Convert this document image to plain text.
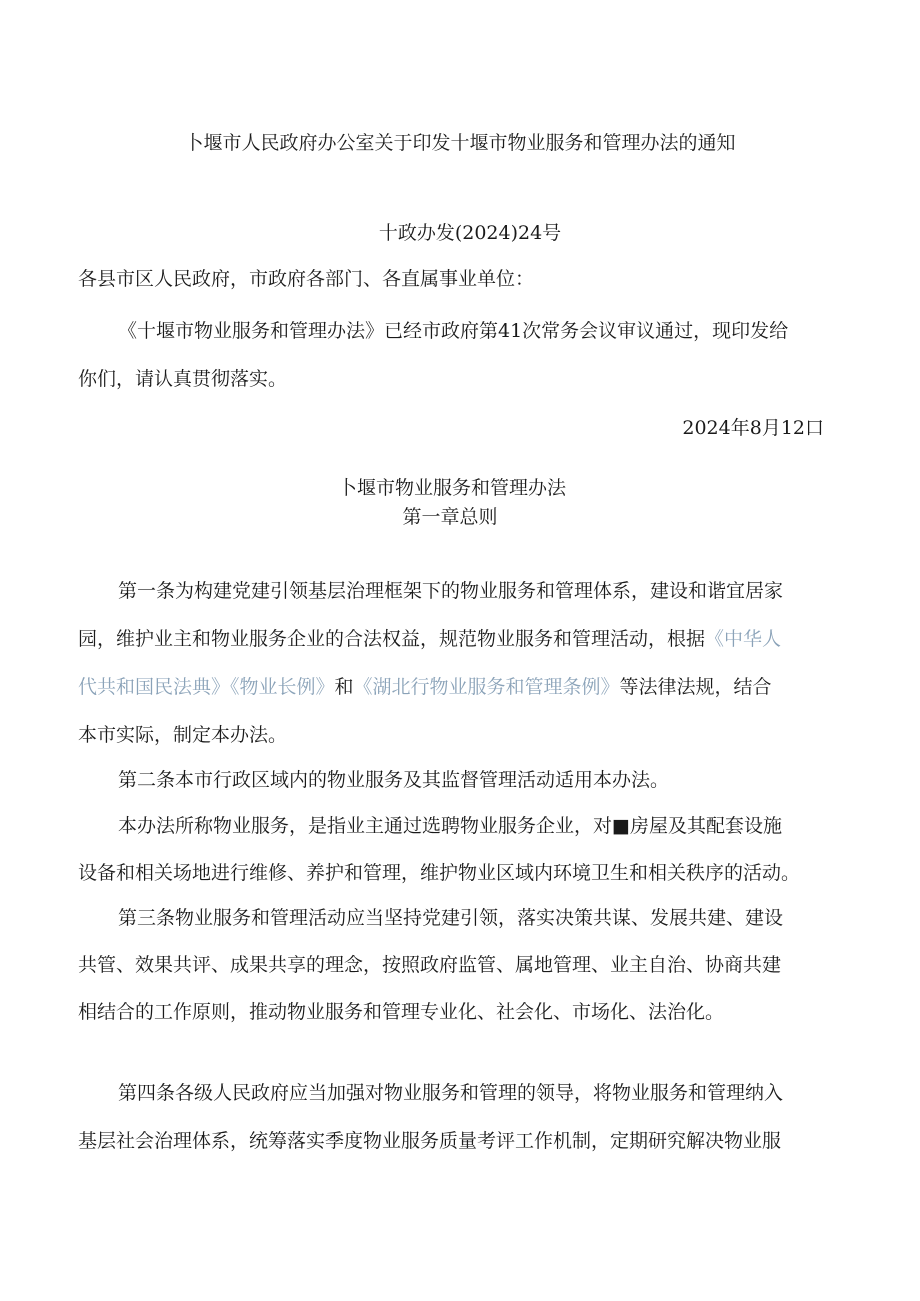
卜堰市人民政府办公室关于印发十堰市物业服务和管理办法的通知
十政办发(2024)24号
各县市区人民政府，市政府各部门、各直属事业单位：
《十堰市物业服务和管理办法》已经市政府第41次常务会议审议通过，现印发给
你们，请认真贯彻落实。
2024年8月12口
卜堰市物业服务和管理办法
第一章总则
第一条为构建党建引领基层治理框架下的物业服务和管理体系，建设和谐宜居家
园，维护业主和物业服务企业的合法权益，规范物业服务和管理活动，根据《中华人
代共和国民法典》《物业长例》和《湖北行物业服务和管理条例》等法律法规，结合
本市实际，制定本办法。
第二条本市行政区域内的物业服务及其监督管理活动适用本办法。
本办法所称物业服务，是指业主通过选聘物业服务企业，对■房屋及其配套设施
设备和相关场地进行维修、养护和管理，维护物业区域内环境卫生和相关秩序的活动。
第三条物业服务和管理活动应当坚持党建引领，落实决策共谋、发展共建、建设
共管、效果共评、成果共享的理念，按照政府监管、属地管理、业主自治、协商共建
相结合的工作原则，推动物业服务和管理专业化、社会化、市场化、法治化。
第四条各级人民政府应当加强对物业服务和管理的领导，将物业服务和管理纳入
基层社会治理体系，统筹落实季度物业服务质量考评工作机制，定期研究解决物业服
